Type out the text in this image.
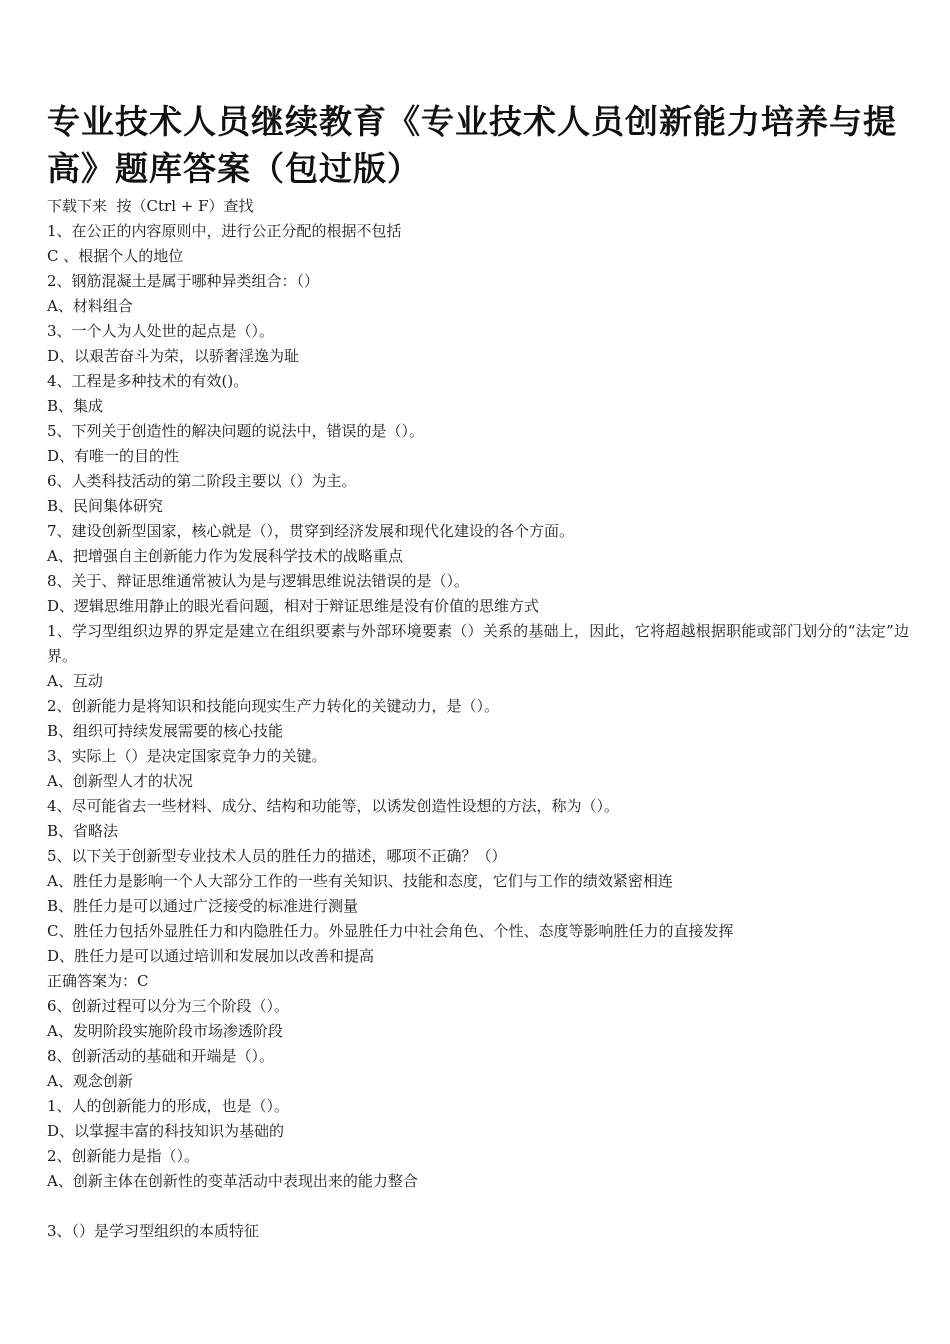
专业技术人员继续教育《专业技术人员创新能力培养与提高》题库答案（包过版）
下载下来  按（Ctrl + F）查找
1、在公正的内容原则中，进行公正分配的根据不包括
C 、根据个人的地位
2、钢筋混凝土是属于哪种异类组合：（）
A、材料组合
3、一个人为人处世的起点是（）。
D、以艰苦奋斗为荣，以骄奢淫逸为耻
4、工程是多种技术的有效()。
B、集成
5、下列关于创造性的解决问题的说法中，错误的是（）。
D、有唯一的目的性
6、人类科技活动的第二阶段主要以（）为主。
B、民间集体研究
7、建设创新型国家，核心就是（），贯穿到经济发展和现代化建设的各个方面。
A、把增强自主创新能力作为发展科学技术的战略重点
8、关于、辩证思维通常被认为是与逻辑思维说法错误的是（）。
D、逻辑思维用静止的眼光看问题，相对于辩证思维是没有价值的思维方式
1、学习型组织边界的界定是建立在组织要素与外部环境要素（）关系的基础上，因此，它将超越根据职能或部门划分的“法定”边界。
A、互动
2、创新能力是将知识和技能向现实生产力转化的关键动力，是（）。
B、组织可持续发展需要的核心技能
3、实际上（）是决定国家竞争力的关键。
A、创新型人才的状况
4、尽可能省去一些材料、成分、结构和功能等，以诱发创造性设想的方法，称为（）。
B、省略法
5、以下关于创新型专业技术人员的胜任力的描述，哪项不正确？（）
A、胜任力是影响一个人大部分工作的一些有关知识、技能和态度，它们与工作的绩效紧密相连
B、胜任力是可以通过广泛接受的标准进行测量
C、胜任力包括外显胜任力和内隐胜任力。外显胜任力中社会角色、个性、态度等影响胜任力的直接发挥
D、胜任力是可以通过培训和发展加以改善和提高
正确答案为：C
6、创新过程可以分为三个阶段（）。
A、发明阶段实施阶段市场渗透阶段
8、创新活动的基础和开端是（）。
A、观念创新
1、人的创新能力的形成，也是（）。
D、以掌握丰富的科技知识为基础的
2、创新能力是指（）。
A、创新主体在创新性的变革活动中表现出来的能力整合
3、（）是学习型组织的本质特征
